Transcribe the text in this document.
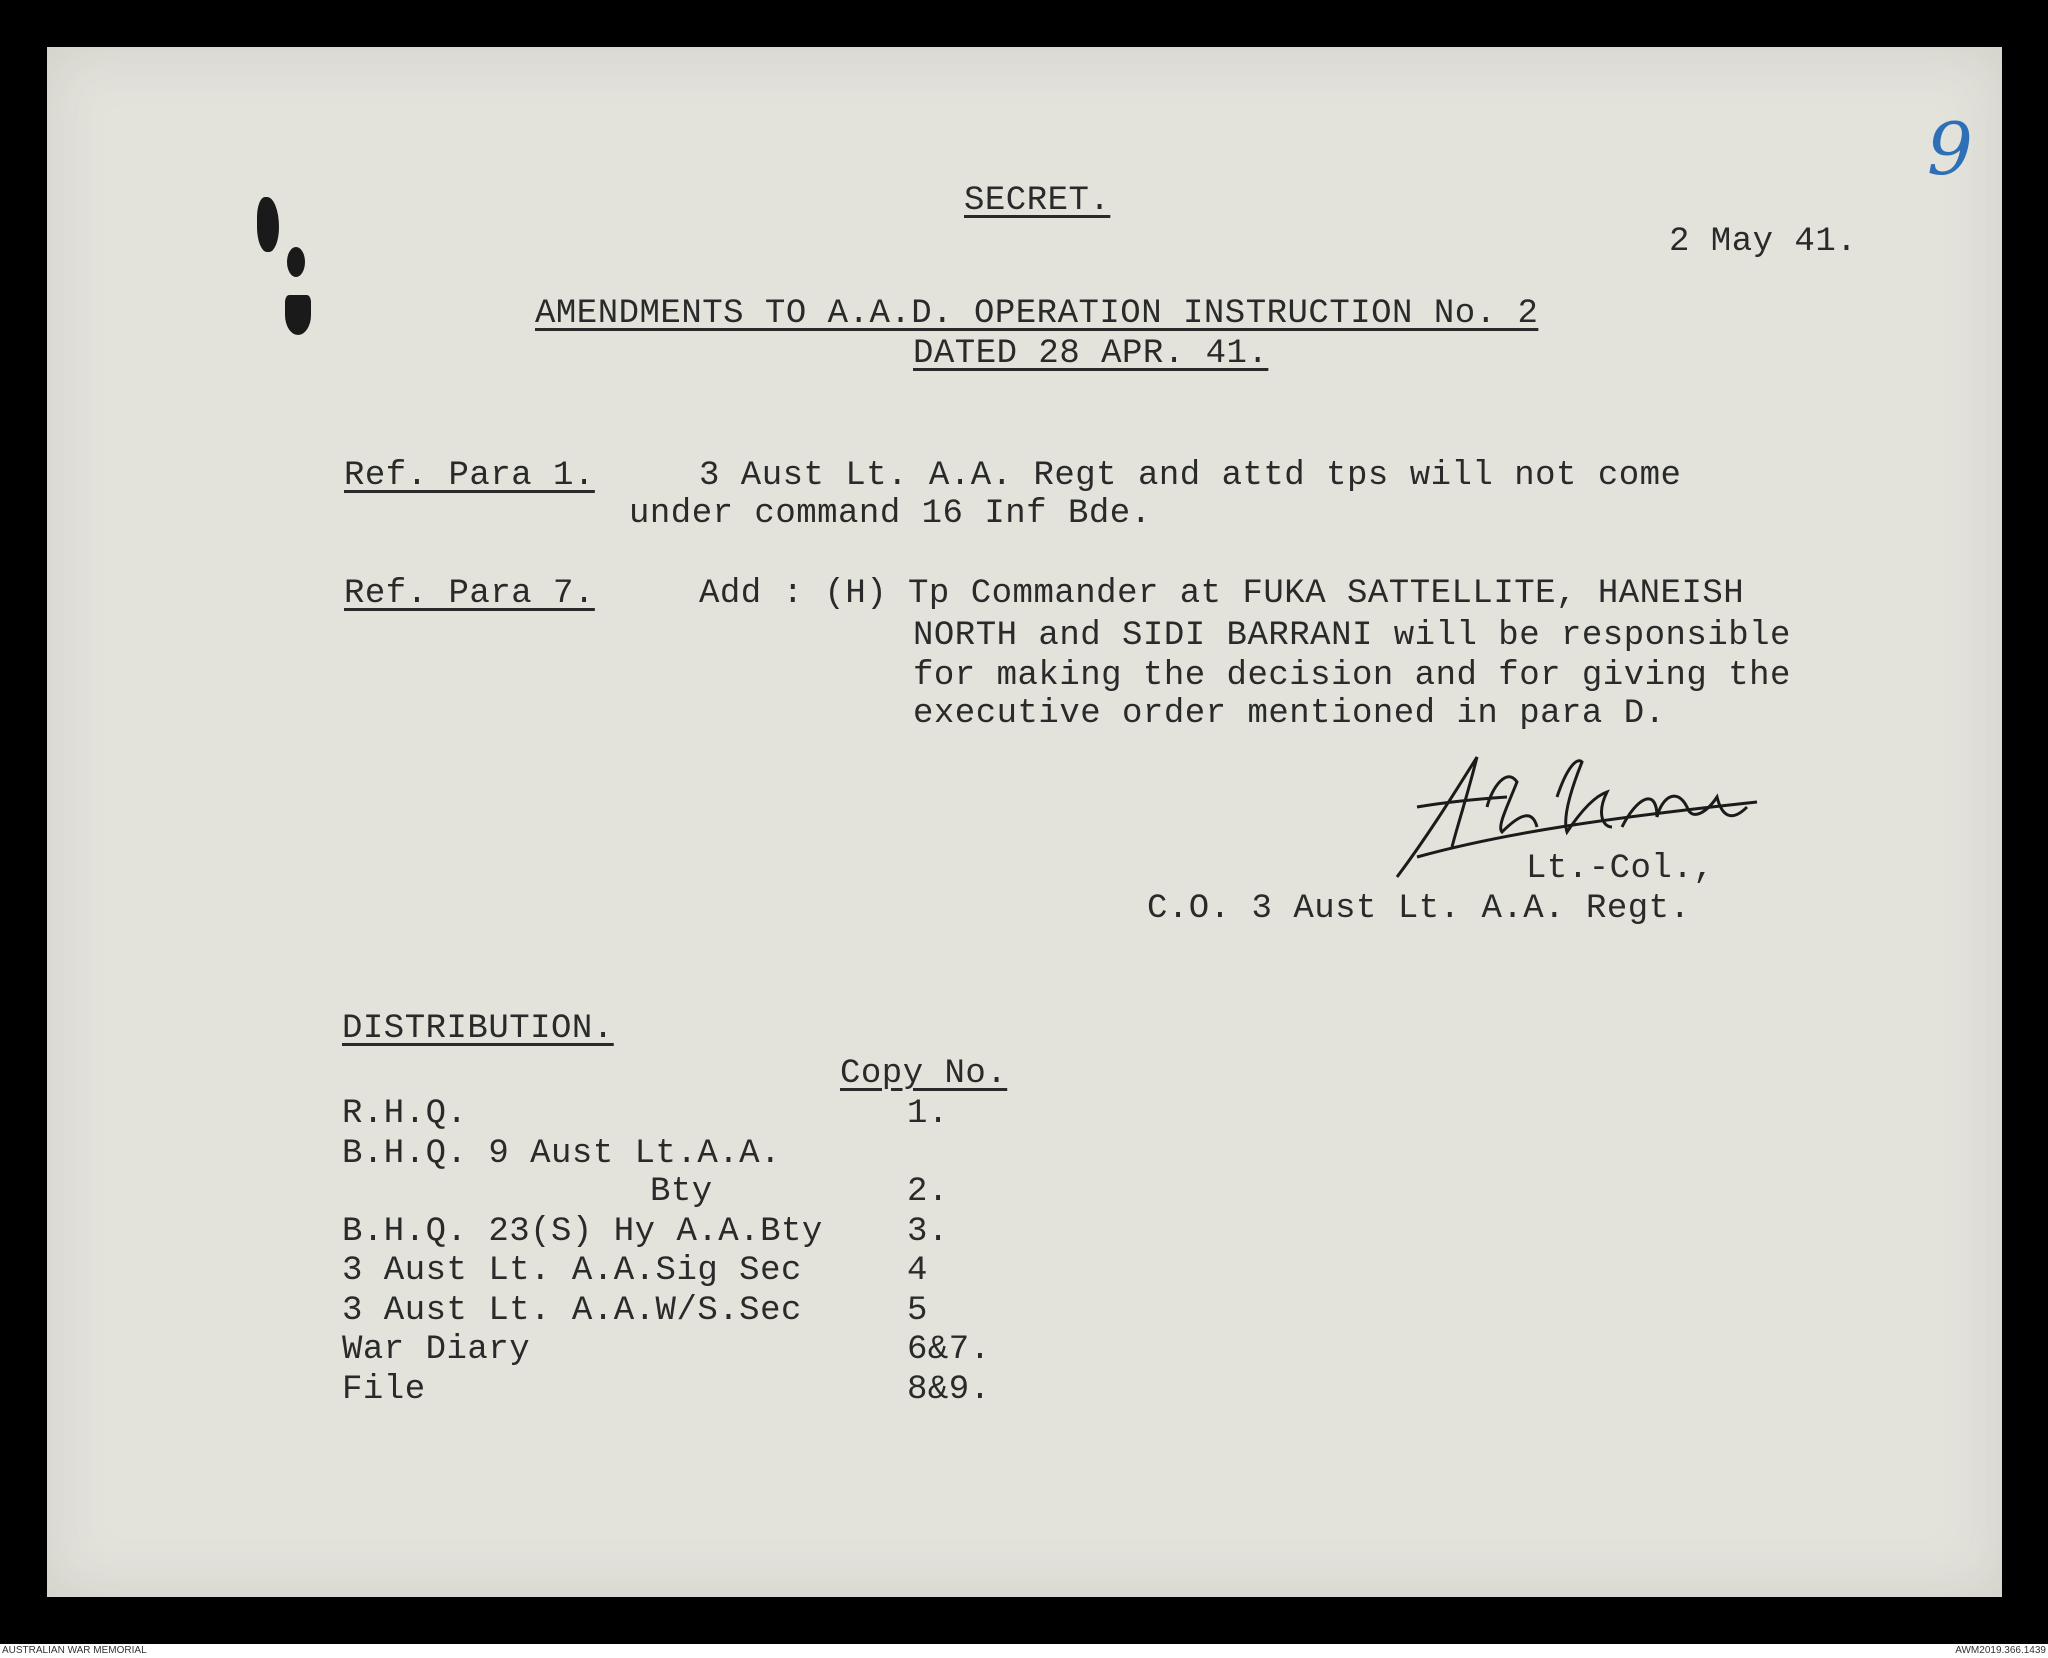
9
SECRET.
2 May 41.
AMENDMENTS TO A.A.D. OPERATION INSTRUCTION No. 2
DATED 28 APR. 41.
Ref. Para 1.	3 Aust Lt. A.A. Regt and attd tps will not come
under command 16 Inf Bde.
Ref. Para 7.	Add : (H) Tp Commander at FUKA SATTELLITE, HANEISH
NORTH and SIDI BARRANI will be responsible
for making the decision and for giving the
executive order mentioned in para D.
Lt.-Col.,
C.O. 3 Aust Lt. A.A. Regt.
DISTRIBUTION.
Copy No.
R.H.Q.	1.
B.H.Q. 9 Aust Lt.A.A.
Bty	2.
B.H.Q. 23(S) Hy A.A.Bty 3.
3 Aust Lt. A.A.Sig Sec	4
3 Aust Lt. A.A.W/S.Sec	5
War Diary	6&7.
File	8&9.
AUSTRALIAN WAR MEMORIAL	AWM2019.366.1439
